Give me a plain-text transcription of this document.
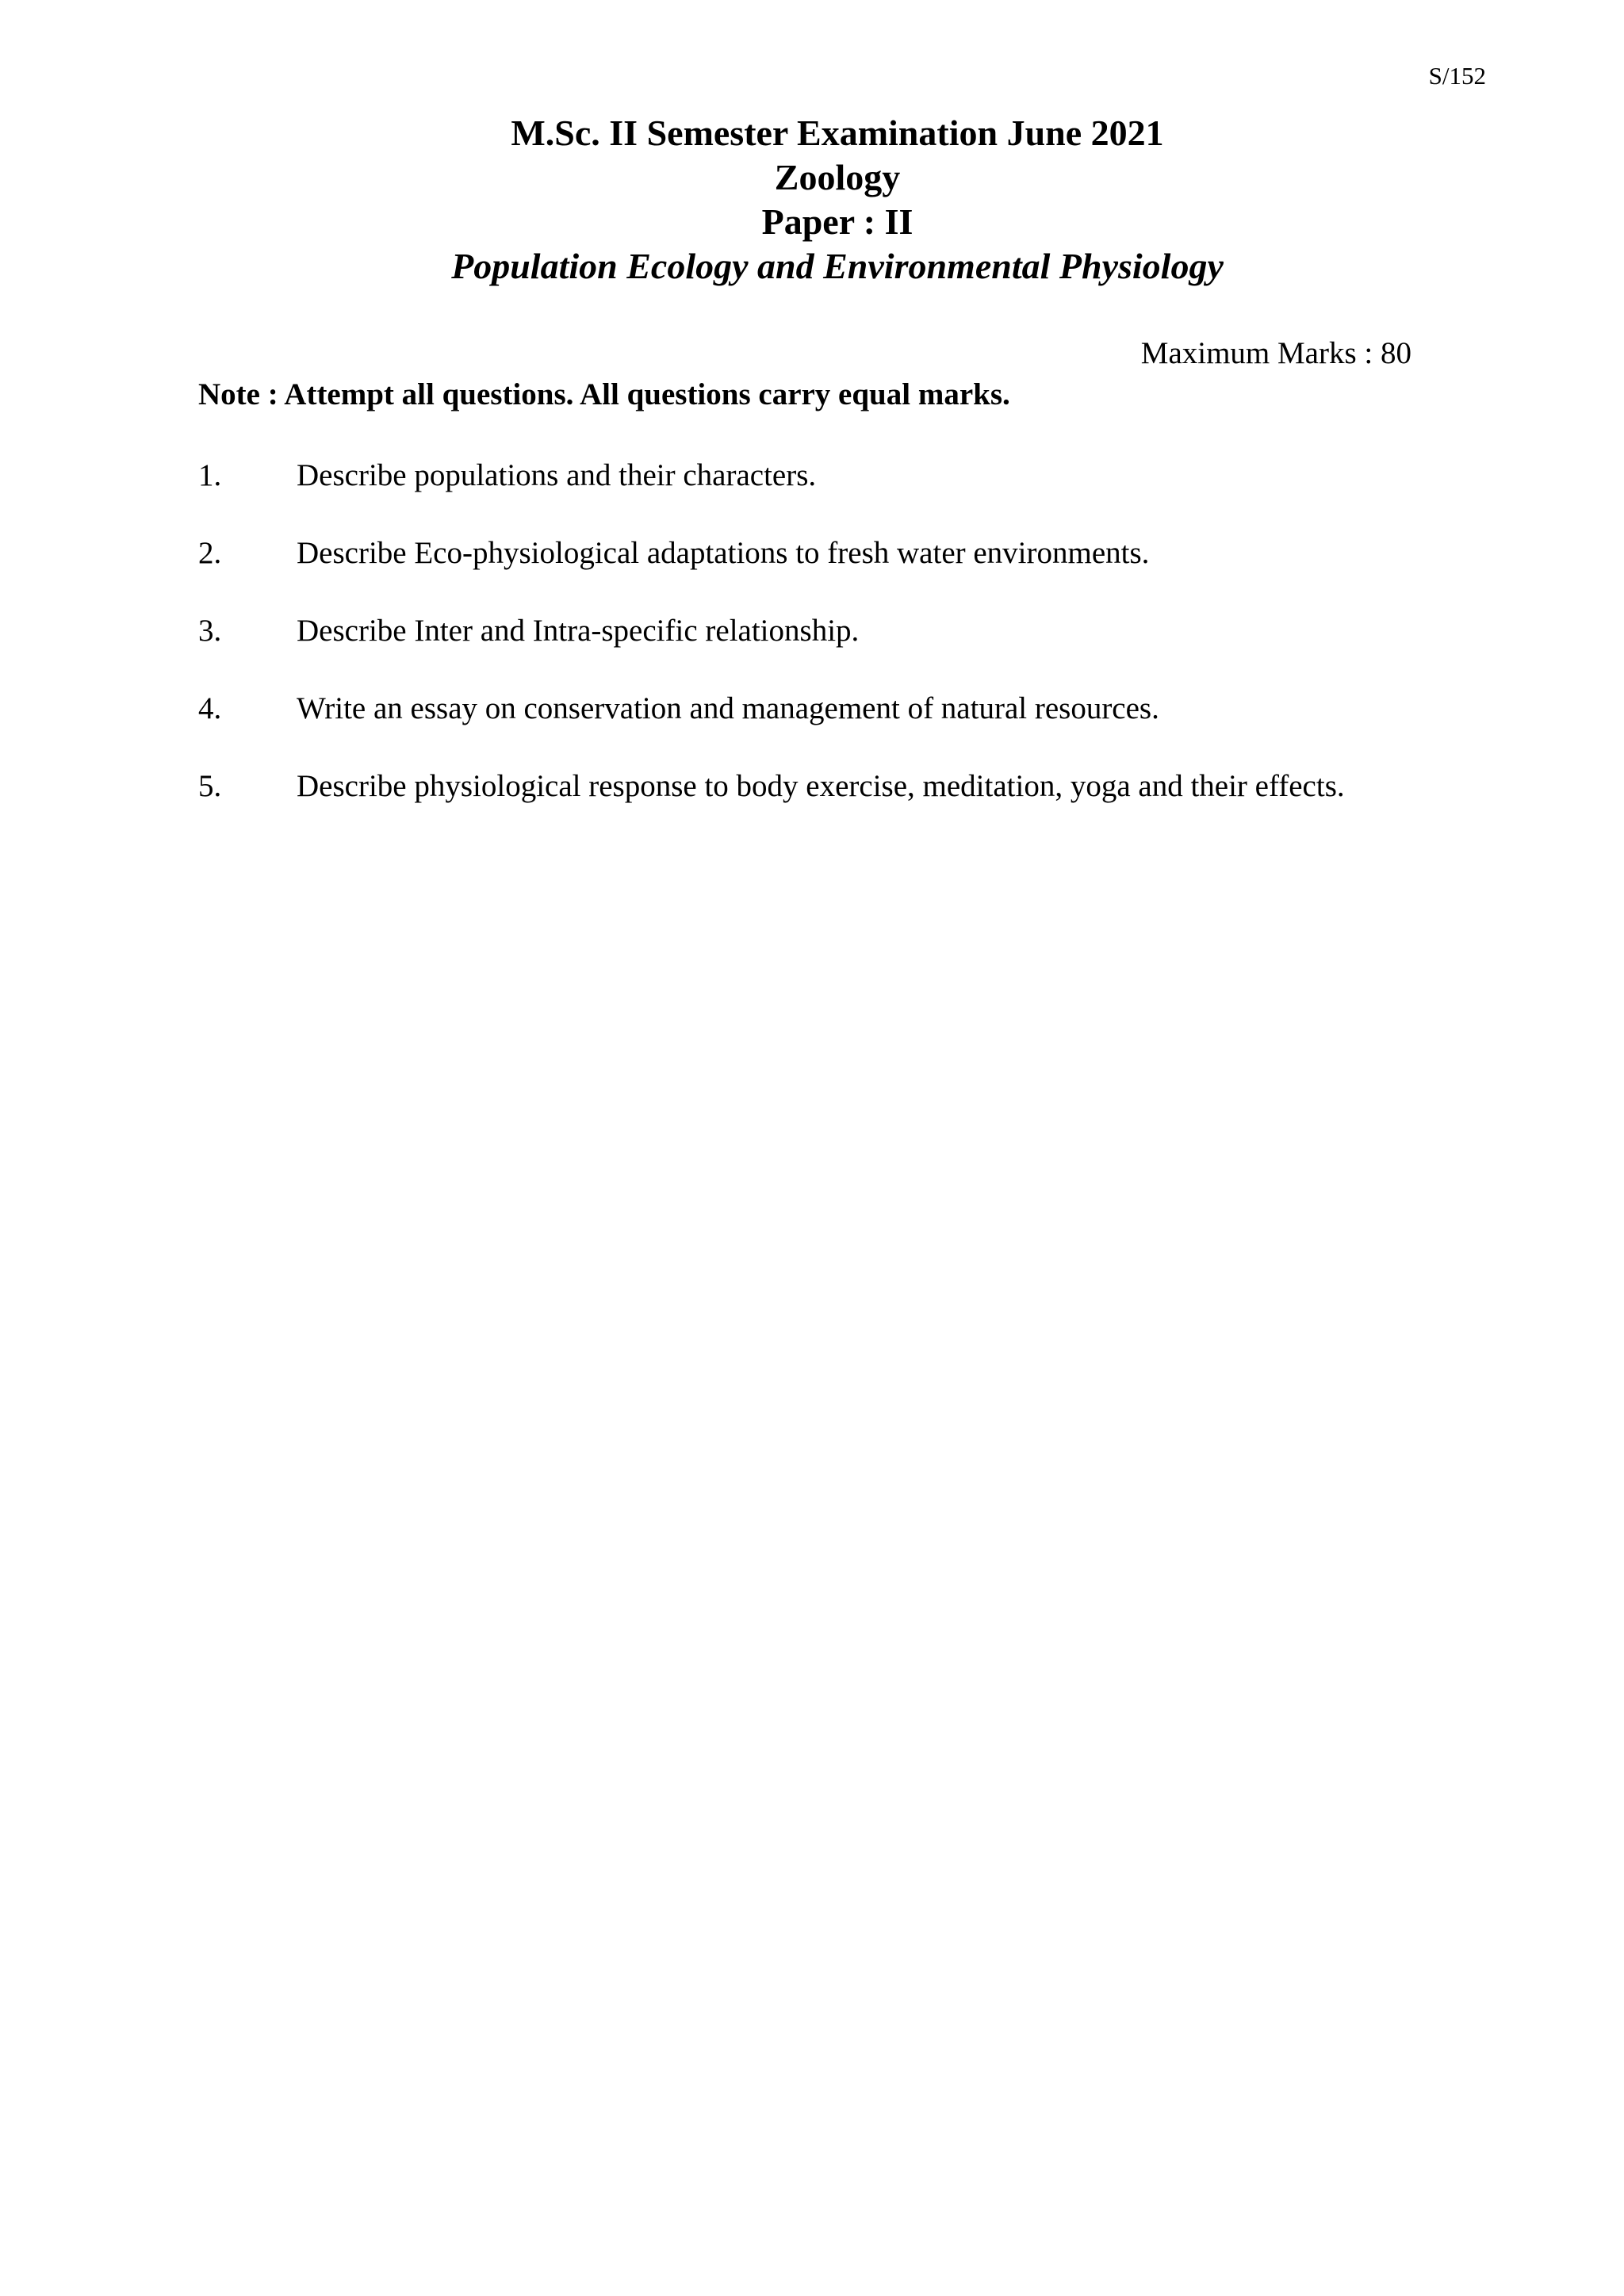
S/152

M.Sc. II Semester Examination June 2021

Zoology

Paper : II

Population Ecology and Environmental Physiology

Maximum Marks : 80
Note : Attempt all questions. All questions carry equal marks.
1.	Describe populations and their characters.
2.	Describe Eco-physiological adaptations to fresh water environments.
3.	Describe Inter and Intra-specific relationship.
4.	Write an essay on conservation and management of natural resources.
5.	Describe physiological response to body exercise, meditation, yoga and their effects.
